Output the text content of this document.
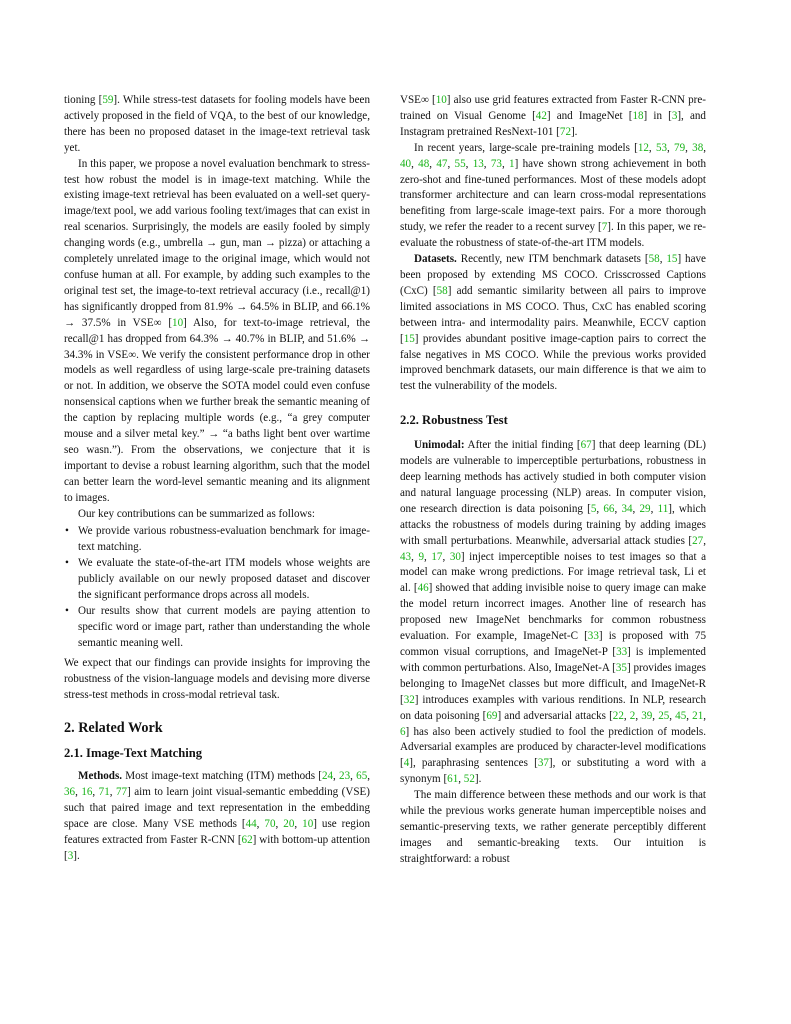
tioning [59]. While stress-test datasets for fooling models have been actively proposed in the field of VQA, to the best of our knowledge, there has been no proposed dataset in the image-text retrieval task yet.

In this paper, we propose a novel evaluation benchmark to stress-test how robust the model is in image-text matching. While the existing image-text retrieval has been evaluated on a well-set query-image/text pool, we add various fooling text/images that can exist in real scenarios. Surprisingly, the models are easily fooled by simply changing words (e.g., umbrella → gun, man → pizza) or attaching a completely unrelated image to the original image, which would not confuse human at all. For example, by adding such examples to the original test set, the image-to-text retrieval accuracy (i.e., recall@1) has significantly dropped from 81.9% → 64.5% in BLIP, and 66.1% → 37.5% in VSE∞ [10] Also, for text-to-image retrieval, the recall@1 has dropped from 64.3% → 40.7% in BLIP, and 51.6% → 34.3% in VSE∞. We verify the consistent performance drop in other models as well regardless of using large-scale pre-training datasets or not. In addition, we observe the SOTA model could even confuse nonsensical captions when we further break the semantic meaning of the caption by replacing multiple words (e.g., “a grey computer mouse and a silver metal key.” → “a baths light bent over wartime seo wasn.”). From the observations, we conjecture that it is important to devise a robust learning algorithm, such that the model can better learn the word-level semantic meaning and its alignment to images.

Our key contributions can be summarized as follows:

• We provide various robustness-evaluation benchmark for image-text matching.
• We evaluate the state-of-the-art ITM models whose weights are publicly available on our newly proposed dataset and discover the significant performance drops across all models.
• Our results show that current models are paying attention to specific word or image part, rather than understanding the whole semantic meaning well.

We expect that our findings can provide insights for improving the robustness of the vision-language models and devising more diverse stress-test methods in cross-modal retrieval task.

2. Related Work
2.1. Image-Text Matching

Methods. Most image-text matching (ITM) methods [24, 23, 65, 36, 16, 71, 77] aim to learn joint visual-semantic embedding (VSE) such that paired image and text representation in the embedding space are close. Many VSE methods [44, 70, 20, 10] use region features extracted from Faster R-CNN [62] with bottom-up attention [3].

VSE∞ [10] also use grid features extracted from Faster R-CNN pre-trained on Visual Genome [42] and ImageNet [18] in [3], and Instagram pretrained ResNext-101 [72].

In recent years, large-scale pre-training models [12, 53, 79, 38, 40, 48, 47, 55, 13, 73, 1] have shown strong achievement in both zero-shot and fine-tuned performances. Most of these models adopt transformer architecture and can learn cross-modal representations benefiting from large-scale image-text pairs. For a more thorough study, we refer the reader to a recent survey [7]. In this paper, we re-evaluate the robustness of state-of-the-art ITM models.

Datasets. Recently, new ITM benchmark datasets [58, 15] have been proposed by extending MS COCO. Crisscrossed Captions (CxC) [58] add semantic similarity between all pairs to improve limited associations in MS COCO. Thus, CxC has enabled scoring between intra- and intermodality pairs. Meanwhile, ECCV caption [15] provides abundant positive image-caption pairs to correct the false negatives in MS COCO. While the previous works provided improved benchmark datasets, our main difference is that we aim to test the vulnerability of the models.

2.2. Robustness Test

Unimodal: After the initial finding [67] that deep learning (DL) models are vulnerable to imperceptible perturbations, robustness in deep learning methods has actively studied in both computer vision and natural language processing (NLP) areas. In computer vision, one research direction is data poisoning [5, 66, 34, 29, 11], which attacks the robustness of models during training by adding images with small perturbations. Meanwhile, adversarial attack studies [27, 43, 9, 17, 30] inject imperceptible noises to test images so that a model can make wrong predictions. For image retrieval task, Li et al. [46] showed that adding invisible noise to query image can make the model return incorrect images. Another line of research has proposed new ImageNet benchmarks for common robustness evaluation. For example, ImageNet-C [33] is proposed with 75 common visual corruptions, and ImageNet-P [33] is implemented with common perturbations. Also, ImageNet-A [35] provides images belonging to ImageNet classes but more difficult, and ImageNet-R [32] introduces examples with various renditions. In NLP, research on data poisoning [69] and adversarial attacks [22, 2, 39, 25, 45, 21, 6] has also been actively studied to fool the prediction of models. Adversarial examples are produced by character-level modifications [4], paraphrasing sentences [37], or substituting a word with a synonym [61, 52].

The main difference between these methods and our work is that while the previous works generate human imperceptible noises and semantic-preserving texts, we rather generate perceptibly different images and semantic-breaking texts. Our intuition is straightforward: a robust
